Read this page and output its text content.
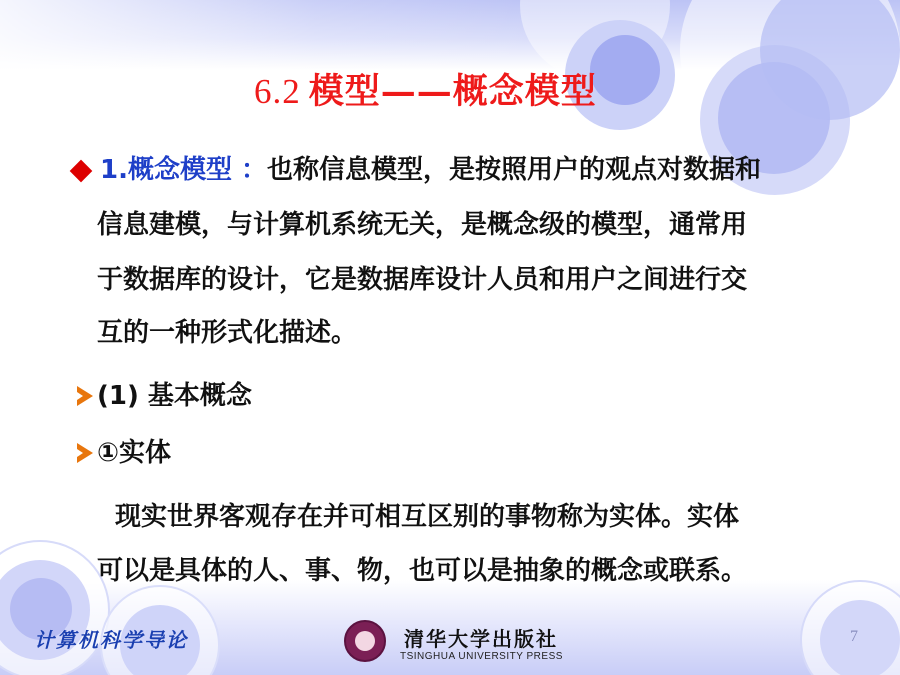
6.2 模型——概念模型
1.概念模型 ：也称信息模型，是按照用户的观点对数据和
信息建模，与计算机系统无关，是概念级的模型，通常用
于数据库的设计，它是数据库设计人员和用户之间进行交
互的一种形式化描述。
(1) 基本概念
①实体
现实世界客观存在并可相互区别的事物称为实体。实体
可以是具体的人、事、物，也可以是抽象的概念或联系。
计算机科学导论	清华大学出版社
TSINGHUA UNIVERSITY PRESS
7
